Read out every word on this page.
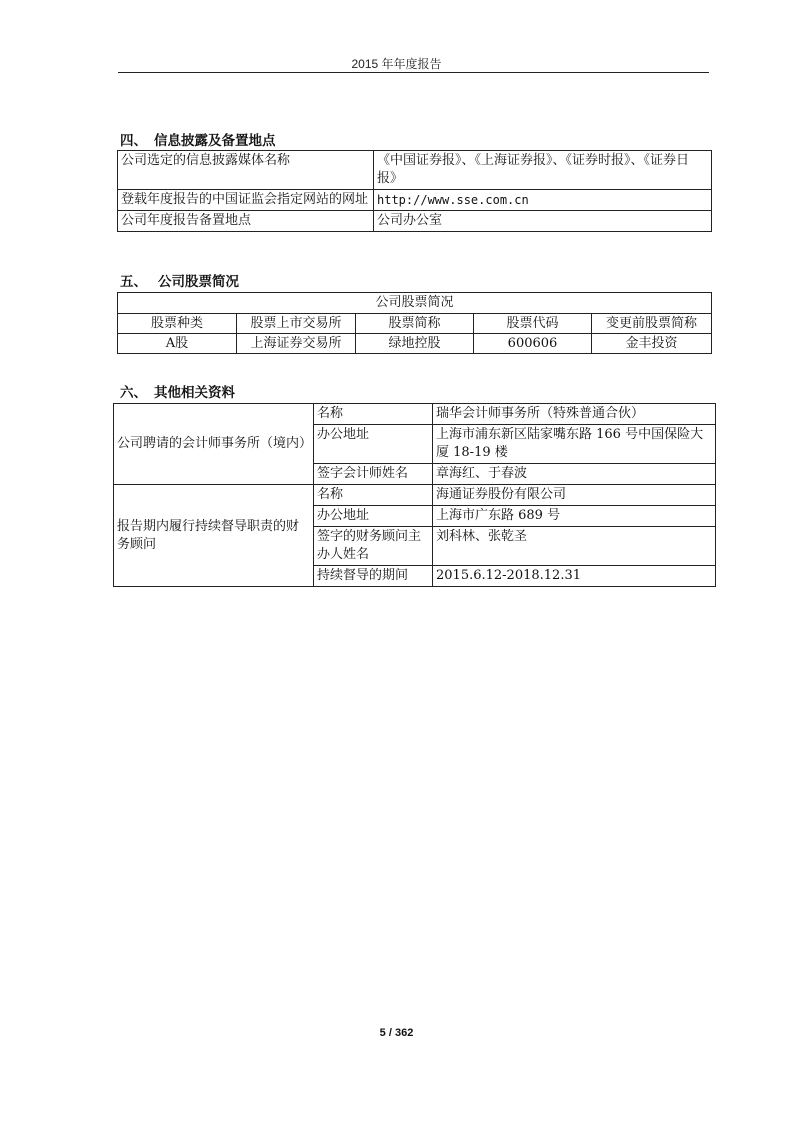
2015 年年度报告
四、 信息披露及备置地点
公司选定的信息披露媒体名称	《中国证券报》、《上海证券报》、《证券时报》、《证券日报》
登载年度报告的中国证监会指定网站的网址	http://www.sse.com.cn
公司年度报告备置地点	公司办公室
五、 公司股票简况
公司股票简况				
股票种类	股票上市交易所	股票简称	股票代码	变更前股票简称
A股	上海证券交易所	绿地控股	600606	金丰投资
六、 其他相关资料
公司聘请的会计师事务所（境内）	名称	瑞华会计师事务所（特殊普通合伙）
	办公地址	上海市浦东新区陆家嘴东路 166 号中国保险大厦 18-19 楼
	签字会计师姓名	章海红、于春波
报告期内履行持续督导职责的财务顾问	名称	海通证券股份有限公司
	办公地址	上海市广东路 689 号
	签字的财务顾问主办人姓名	刘科林、张乾圣
	持续督导的期间	2015.6.12-2018.12.31
5 / 362
